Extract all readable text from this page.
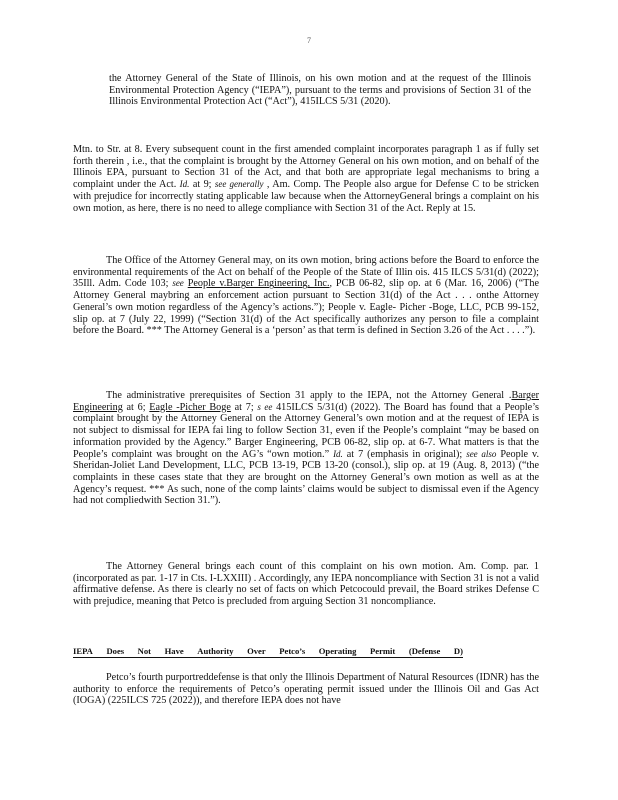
7
the Attorney General of the State of Illinois, on his own motion and at the request of the Illinois Environmental Protection Agency (“IEPA”), pursuant to the terms and provisions of Section 31 of the Illinois Environmental Protection Act (“Act”), 415ILCS 5/31 (2020).
Mtn. to Str. at 8. Every subsequent count in the first amended complaint incorporates paragraph 1 as if fully set forth therein , i.e., that the complaint is brought by the Attorney General on his own motion, and on behalf of the Illinois EPA, pursuant to Section 31 of the Act, and that both are appropriate legal mechanisms to bring a complaint under the Act. Id. at 9; see generally , Am. Comp. The People also argue for Defense C to be stricken with prejudice for incorrectly stating applicable law because when the AttorneyGeneral brings a complaint on his own motion, as here, there is no need to allege compliance with Section 31 of the Act. Reply at 15.
The Office of the Attorney General may, on its own motion, bring actions before the Board to enforce the environmental requirements of the Act on behalf of the People of the State of Illin ois. 415 ILCS 5/31(d) (2022); 35Ill. Adm. Code 103; see People v.Barger Engineering, Inc., PCB 06-82, slip op. at 6 (Mar. 16, 2006) (“The Attorney General maybring an enforcement action pursuant to Section 31(d) of the Act . . . onthe Attorney General’s own motion regardless of the Agency’s actions.”); People v. Eagle- Picher -Boge, LLC, PCB 99-152, slip op. at 7 (July 22, 1999) (“Section 31(d) of the Act specifically authorizes any person to file a complaint before the Board. *** The Attorney General is a ‘person’ as that term is defined in Section 3.26 of the Act . . . .”).
The administrative prerequisites of Section 31 apply to the IEPA, not the Attorney General .Barger Engineering at 6; Eagle -Picher Boge at 7; s ee 415ILCS 5/31(d) (2022). The Board has found that a People’s complaint brought by the Attorney General on the Attorney General’s own motion and at the request of IEPA is not subject to dismissal for IEPA fai ling to follow Section 31, even if the People’s complaint “may be based on information provided by the Agency.” Barger Engineering, PCB 06-82, slip op. at 6-7. What matters is that the People’s complaint was brought on the AG’s “own motion.” Id. at 7 (emphasis in original); see also People v. Sheridan-Joliet Land Development, LLC, PCB 13-19, PCB 13-20 (consol.), slip op. at 19 (Aug. 8, 2013) (“the complaints in these cases state that they are brought on the Attorney General’s own motion as well as at the Agency’s request. *** As such, none of the comp laints’ claims would be subject to dismissal even if the Agency had not compliedwith Section 31.”).
The Attorney General brings each count of this complaint on his own motion. Am. Comp. par. 1 (incorporated as par. 1-17 in Cts. I-LXXIII) . Accordingly, any IEPA noncompliance with Section 31 is not a valid affirmative defense. As there is clearly no set of facts on which Petcocould prevail, the Board strikes Defense C with prejudice, meaning that Petco is precluded from arguing Section 31 noncompliance.
IEPA Does Not Have Authority Over Petco’s Operating Permit (Defense D)
Petco’s fourth purportreddefense is that only the Illinois Department of Natural Resources (IDNR) has the authority to enforce the requirements of Petco’s operating permit issued under the Illinois Oil and Gas Act (IOGA) (225ILCS 725 (2022)), and therefore IEPA does not have
